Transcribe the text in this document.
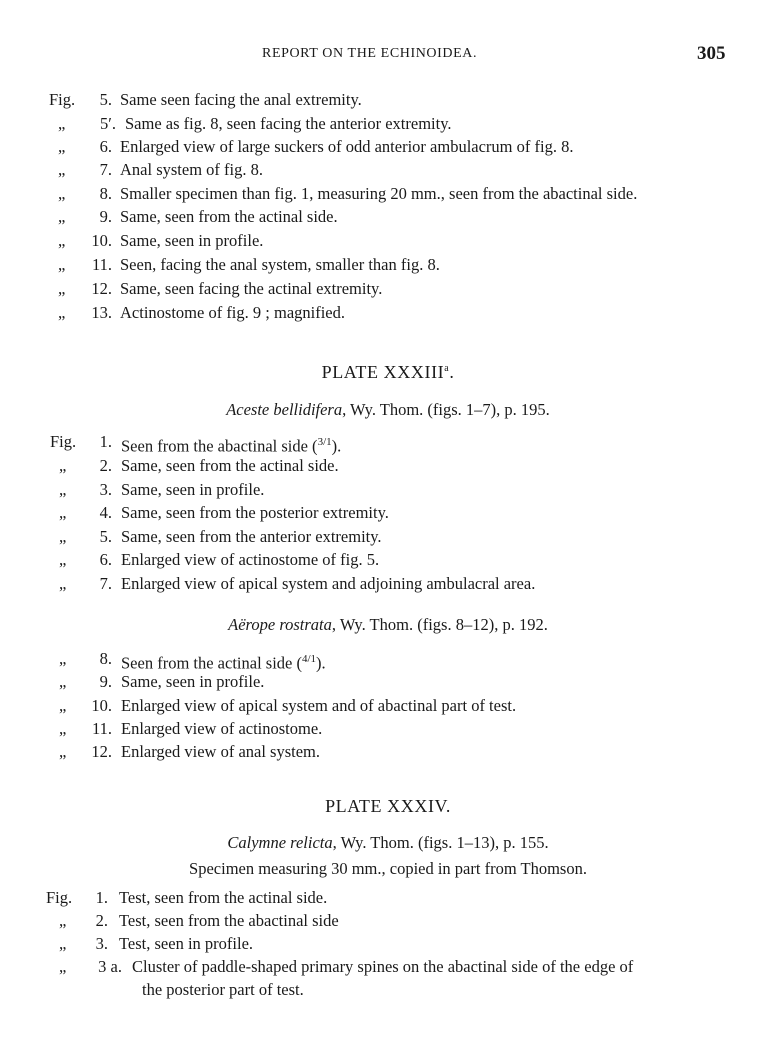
REPORT ON THE ECHINOIDEA.	305
Fig.	5. Same seen facing the anal extremity.
„	5′. Same as fig. 8, seen facing the anterior extremity.
„	6. Enlarged view of large suckers of odd anterior ambulacrum of fig. 8.
„	7. Anal system of fig. 8.
„	8. Smaller specimen than fig. 1, measuring 20 mm., seen from the abactinal side.
„	9. Same, seen from the actinal side.
„	10. Same, seen in profile.
„	11. Seen, facing the anal system, smaller than fig. 8.
„	12. Same, seen facing the actinal extremity.
„	13. Actinostome of fig. 9 ; magnified.
PLATE XXXIII$^a$.
Aceste bellidifera, Wy. Thom. (figs. 1–7), p. 195.
Fig.	1. Seen from the abactinal side ($^{3/1}$).
„	2. Same, seen from the actinal side.
„	3. Same, seen in profile.
„	4. Same, seen from the posterior extremity.
„	5. Same, seen from the anterior extremity.
„	6. Enlarged view of actinostome of fig. 5.
„	7. Enlarged view of apical system and adjoining ambulacral area.
Aërope rostrata, Wy. Thom. (figs. 8–12), p. 192.
„	8. Seen from the actinal side ($^{4/1}$).
„	9. Same, seen in profile.
„	10. Enlarged view of apical system and of abactinal part of test.
„	11. Enlarged view of actinostome.
„	12. Enlarged view of anal system.
PLATE XXXIV.
Calymne relicta, Wy. Thom. (figs. 1–13), p. 155.
Specimen measuring 30 mm., copied in part from Thomson.
Fig.	1. Test, seen from the actinal side.
„	2. Test, seen from the abactinal side
„	3. Test, seen in profile.
„	3 a. Cluster of paddle-shaped primary spines on the abactinal side of the edge of
the posterior part of test.
